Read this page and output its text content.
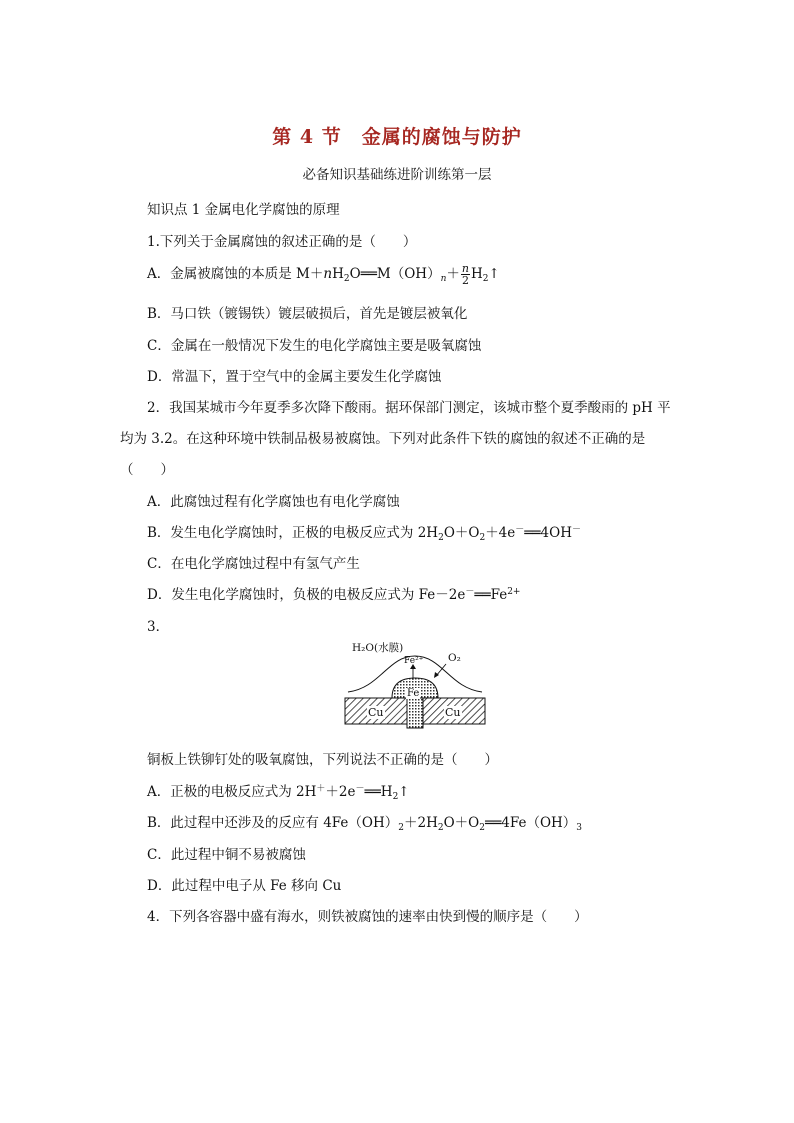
第 4 节　金属的腐蚀与防护
必备知识基础练进阶训练第一层
知识点 1 金属电化学腐蚀的原理
1.下列关于金属腐蚀的叙述正确的是（　　）
A．金属被腐蚀的本质是 $M+nH_2O══M(OH)_n+ \frac{n}{2}$ $H_2↑$
B．马口铁（镀锡铁）镀层破损后，首先是镀层被氧化
C．金属在一般情况下发生的电化学腐蚀主要是吸氧腐蚀
D．常温下，置于空气中的金属主要发生化学腐蚀
2．我国某城市今年夏季多次降下酸雨。据环保部门测定，该城市整个夏季酸雨的 pH 平
均为 3.2。在这种环境中铁制品极易被腐蚀。下列对此条件下铁的腐蚀的叙述不正确的是
（　　）
A．此腐蚀过程有化学腐蚀也有电化学腐蚀
B．发生电化学腐蚀时，正极的电极反应式为 $2H_2O+O_2+4e^-══4OH^-$
C．在电化学腐蚀过程中有氢气产生
D．发生电化学腐蚀时，负极的电极反应式为 $Fe-2e^-══Fe^{2+}$
3．
H₂O(水膜)
Fe²⁺ O₂
Fe
Cu	Cu
铜板上铁铆钉处的吸氧腐蚀，下列说法不正确的是（　　）
A．正极的电极反应式为 $2H^++2e^-══H_2↑$
B．此过程中还涉及的反应有 $4Fe(OH)_2+2H_2O+O_2══4Fe(OH)_3$
C．此过程中铜不易被腐蚀
D．此过程中电子从 Fe 移向 Cu
4．下列各容器中盛有海水，则铁被腐蚀的速率由快到慢的顺序是（　　）
